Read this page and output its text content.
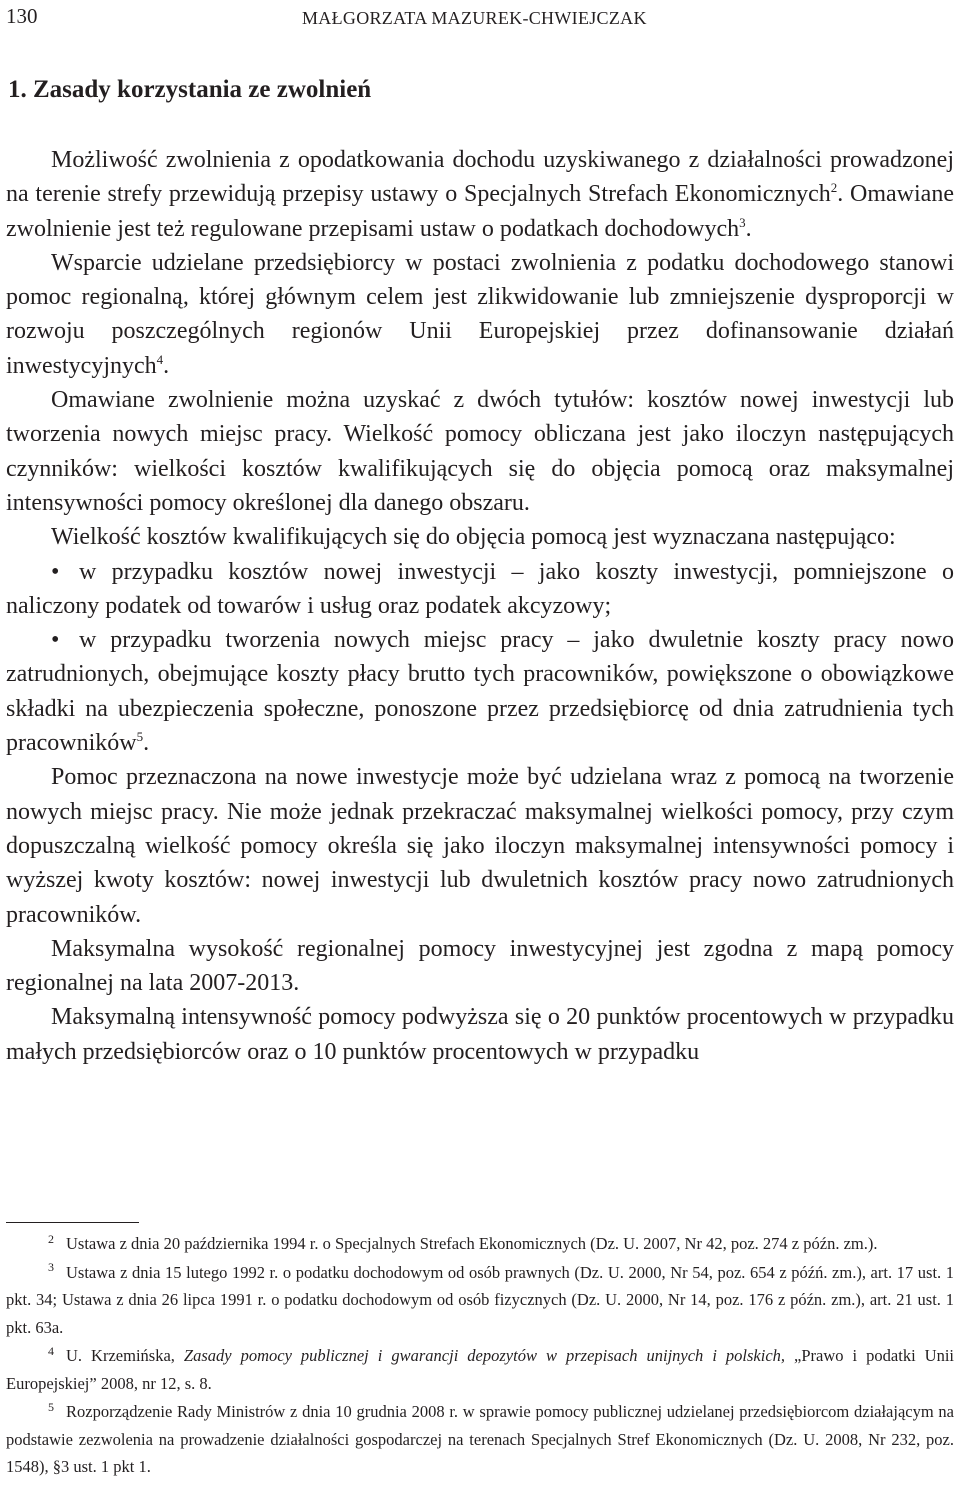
130	MAŁGORZATA MAZUREK-CHWIEJCZAK
1. Zasady korzystania ze zwolnień

Możliwość zwolnienia z opodatkowania dochodu uzyskiwanego z działalności prowadzonej na terenie strefy przewidują przepisy ustawy o Specjalnych Strefach Ekonomicznych$^2$. Omawiane zwolnienie jest też regulowane przepisami ustaw o podatkach dochodowych$^3$.

Wsparcie udzielane przedsiębiorcy w postaci zwolnienia z podatku dochodowego stanowi pomoc regionalną, której głównym celem jest zlikwidowanie lub zmniejszenie dysproporcji w rozwoju poszczególnych regionów Unii Europejskiej przez dofinansowanie działań inwestycyjnych$^4$.

Omawiane zwolnienie można uzyskać z dwóch tytułów: kosztów nowej inwestycji lub tworzenia nowych miejsc pracy. Wielkość pomocy obliczana jest jako iloczyn następujących czynników: wielkości kosztów kwalifikujących się do objęcia pomocą oraz maksymalnej intensywności pomocy określonej dla danego obszaru.

Wielkość kosztów kwalifikujących się do objęcia pomocą jest wyznaczana następująco:

• w przypadku kosztów nowej inwestycji – jako koszty inwestycji, pomniejszone o naliczony podatek od towarów i usług oraz podatek akcyzowy;

• w przypadku tworzenia nowych miejsc pracy – jako dwuletnie koszty pracy nowo zatrudnionych, obejmujące koszty płacy brutto tych pracowników, powiększone o obowiązkowe składki na ubezpieczenia społeczne, ponoszone przez przedsiębiorcę od dnia zatrudnienia tych pracowników$^5$.

Pomoc przeznaczona na nowe inwestycje może być udzielana wraz z pomocą na tworzenie nowych miejsc pracy. Nie może jednak przekraczać maksymalnej wielkości pomocy, przy czym dopuszczalną wielkość pomocy określa się jako iloczyn maksymalnej intensywności pomocy i wyższej kwoty kosztów: nowej inwestycji lub dwuletnich kosztów pracy nowo zatrudnionych pracowników.

Maksymalna wysokość regionalnej pomocy inwestycyjnej jest zgodna z mapą pomocy regionalnej na lata 2007-2013.

Maksymalną intensywność pomocy podwyższa się o 20 punktów procentowych w przypadku małych przedsiębiorców oraz o 10 punktów procentowych w przypadku

$^2$ Ustawa z dnia 20 października 1994 r. o Specjalnych Strefach Ekonomicznych (Dz. U. 2007, Nr 42, poz. 274 z późn. zm.).

$^3$ Ustawa z dnia 15 lutego 1992 r. o podatku dochodowym od osób prawnych (Dz. U. 2000, Nr 54, poz. 654 z późń. zm.), art. 17 ust. 1 pkt. 34; Ustawa z dnia 26 lipca 1991 r. o podatku dochodowym od osób fizycznych (Dz. U. 2000, Nr 14, poz. 176 z późn. zm.), art. 21 ust. 1 pkt. 63a.

$^4$ U. Krzemińska, Zasady pomocy publicznej i gwarancji depozytów w przepisach unijnych i polskich, „Prawo i podatki Unii Europejskiej” 2008, nr 12, s. 8.

$^5$ Rozporządzenie Rady Ministrów z dnia 10 grudnia 2008 r. w sprawie pomocy publicznej udzielanej przedsiębiorcom działającym na podstawie zezwolenia na prowadzenie działalności gospodarczej na terenach Specjalnych Stref Ekonomicznych (Dz. U. 2008, Nr 232, poz. 1548), §3 ust. 1 pkt 1.
